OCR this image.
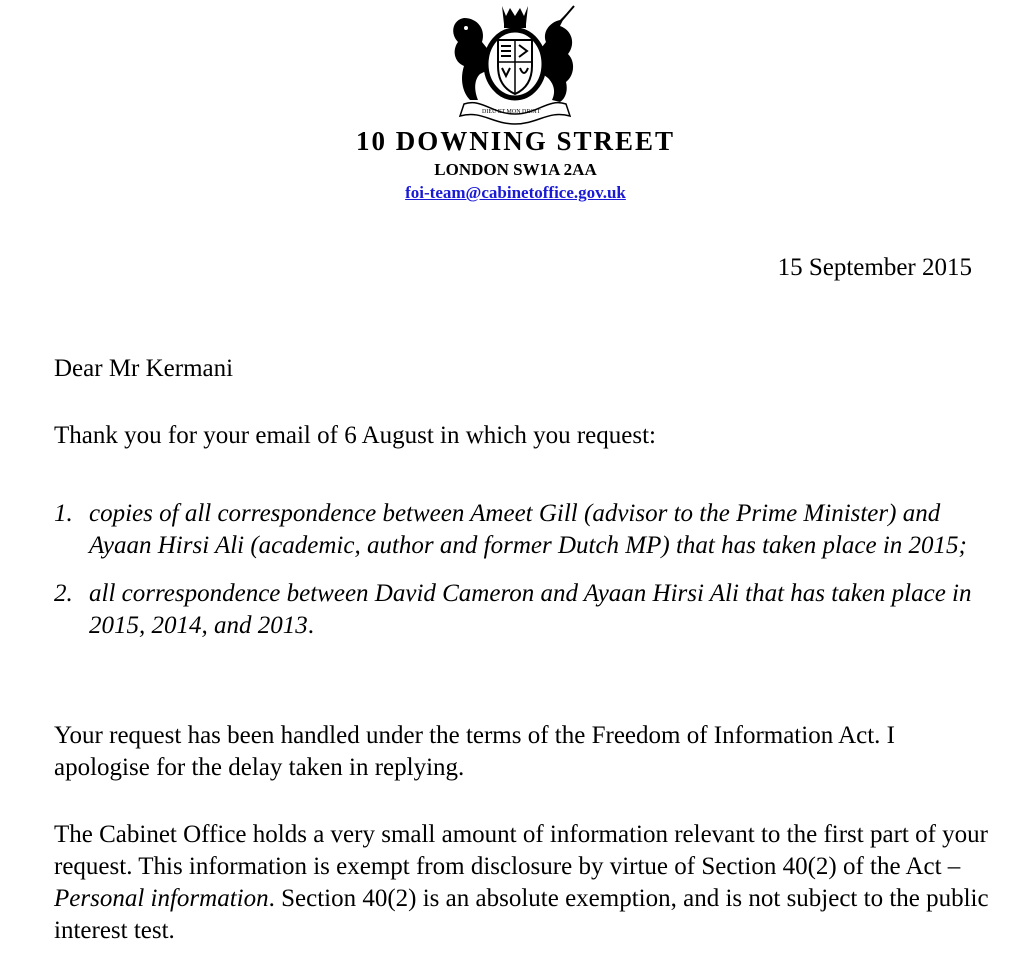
DIEU ET MON DROIT
10 DOWNING STREET
LONDON SW1A 2AA
foi-team@cabinetoffice.gov.uk
15 September 2015

Dear Mr Kermani

Thank you for your email of 6 August in which you request:

1. copies of all correspondence between Ameet Gill (advisor to the Prime Minister) and Ayaan Hirsi Ali (academic, author and former Dutch MP) that has taken place in 2015;
2. all correspondence between David Cameron and Ayaan Hirsi Ali that has taken place in 2015, 2014, and 2013.

Your request has been handled under the terms of the Freedom of Information Act. I apologise for the delay taken in replying.

The Cabinet Office holds a very small amount of information relevant to the first part of your request. This information is exempt from disclosure by virtue of Section 40(2) of the Act – Personal information. Section 40(2) is an absolute exemption, and is not subject to the public interest test.
